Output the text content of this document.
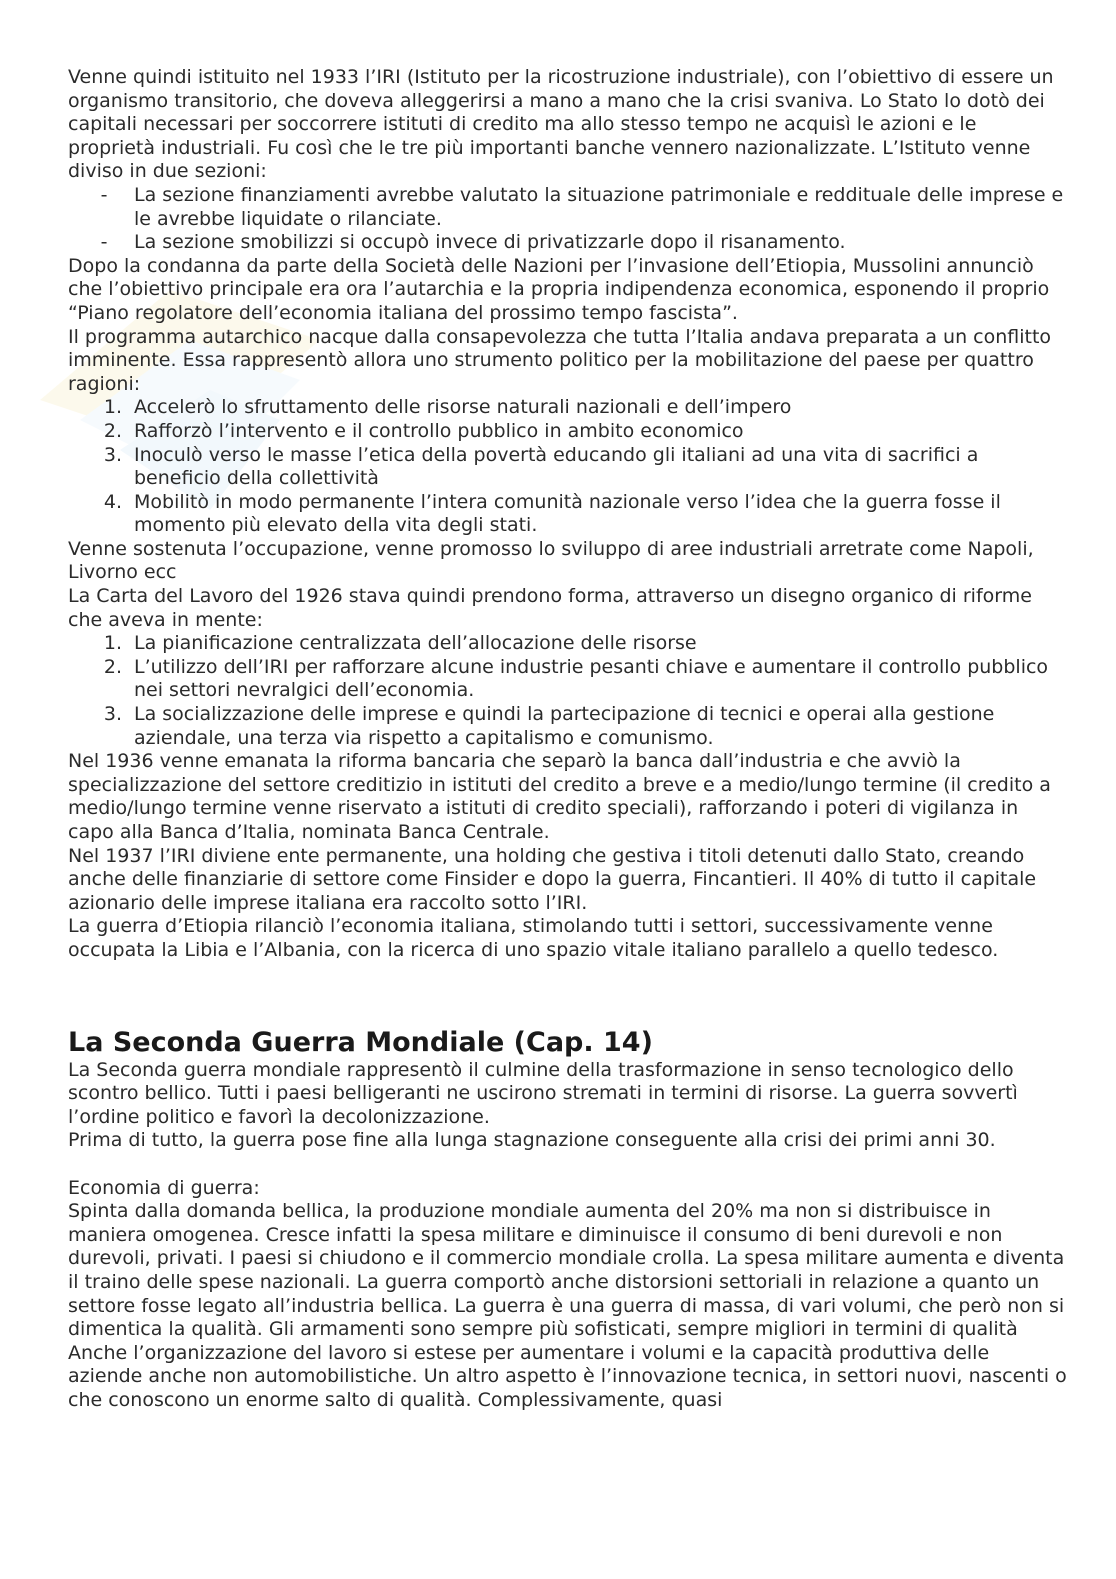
Venne quindi istituito nel 1933 l’IRI (Istituto per la ricostruzione industriale), con l’obiettivo di essere un organismo transitorio, che doveva alleggerirsi a mano a mano che la crisi svaniva. Lo Stato lo dotò dei capitali necessari per soccorrere istituti di credito ma allo stesso tempo ne acquisì le azioni e le proprietà industriali. Fu così che le tre più importanti banche vennero nazionalizzate. L’Istituto venne diviso in due sezioni:

-	La sezione finanziamenti avrebbe valutato la situazione patrimoniale e reddituale delle imprese e le avrebbe liquidate o rilanciate.
-	La sezione smobilizzi si occupò invece di privatizzarle dopo il risanamento.

Dopo la condanna da parte della Società delle Nazioni per l’invasione dell’Etiopia, Mussolini annunciò che l’obiettivo principale era ora l’autarchia e la propria indipendenza economica, esponendo il proprio “Piano regolatore dell’economia italiana del prossimo tempo fascista”.

Il programma autarchico nacque dalla consapevolezza che tutta l’Italia andava preparata a un conflitto imminente. Essa rappresentò allora uno strumento politico per la mobilitazione del paese per quattro ragioni:

1. Accelerò lo sfruttamento delle risorse naturali nazionali e dell’impero
2. Rafforzò l’intervento e il controllo pubblico in ambito economico
3. Inoculò verso le masse l’etica della povertà educando gli italiani ad una vita di sacrifici a beneficio della collettività
4. Mobilitò in modo permanente l’intera comunità nazionale verso l’idea che la guerra fosse il momento più elevato della vita degli stati.

Venne sostenuta l’occupazione, venne promosso lo sviluppo di aree industriali arretrate come Napoli, Livorno ecc

La Carta del Lavoro del 1926 stava quindi prendono forma, attraverso un disegno organico di riforme che aveva in mente:

1. La pianificazione centralizzata dell’allocazione delle risorse
2. L’utilizzo dell’IRI per rafforzare alcune industrie pesanti chiave e aumentare il controllo pubblico nei settori nevralgici dell’economia.
3. La socializzazione delle imprese e quindi la partecipazione di tecnici e operai alla gestione aziendale, una terza via rispetto a capitalismo e comunismo.

Nel 1936 venne emanata la riforma bancaria che separò la banca dall’industria e che avviò la specializzazione del settore creditizio in istituti del credito a breve e a medio/lungo termine (il credito a medio/lungo termine venne riservato a istituti di credito speciali), rafforzando i poteri di vigilanza in capo alla Banca d’Italia, nominata Banca Centrale.

Nel 1937 l’IRI diviene ente permanente, una holding che gestiva i titoli detenuti dallo Stato, creando anche delle finanziarie di settore come Finsider e dopo la guerra, Fincantieri. Il 40% di tutto il capitale azionario delle imprese italiana era raccolto sotto l’IRI.

La guerra d’Etiopia rilanciò l’economia italiana, stimolando tutti i settori, successivamente venne occupata la Libia e l’Albania, con la ricerca di uno spazio vitale italiano parallelo a quello tedesco.

La Seconda Guerra Mondiale (Cap. 14)

La Seconda guerra mondiale rappresentò il culmine della trasformazione in senso tecnologico dello scontro bellico. Tutti i paesi belligeranti ne uscirono stremati in termini di risorse. La guerra sovvertì l’ordine politico e favorì la decolonizzazione.

Prima di tutto, la guerra pose fine alla lunga stagnazione conseguente alla crisi dei primi anni 30.

Economia di guerra:

Spinta dalla domanda bellica, la produzione mondiale aumenta del 20% ma non si distribuisce in maniera omogenea. Cresce infatti la spesa militare e diminuisce il consumo di beni durevoli e non durevoli, privati. I paesi si chiudono e il commercio mondiale crolla. La spesa militare aumenta e diventa il traino delle spese nazionali. La guerra comportò anche distorsioni settoriali in relazione a quanto un settore fosse legato all’industria bellica. La guerra è una guerra di massa, di vari volumi, che però non si dimentica la qualità. Gli armamenti sono sempre più sofisticati, sempre migliori in termini di qualità

Anche l’organizzazione del lavoro si estese per aumentare i volumi e la capacità produttiva delle aziende anche non automobilistiche. Un altro aspetto è l’innovazione tecnica, in settori nuovi, nascenti o che conoscono un enorme salto di qualità. Complessivamente, quasi
